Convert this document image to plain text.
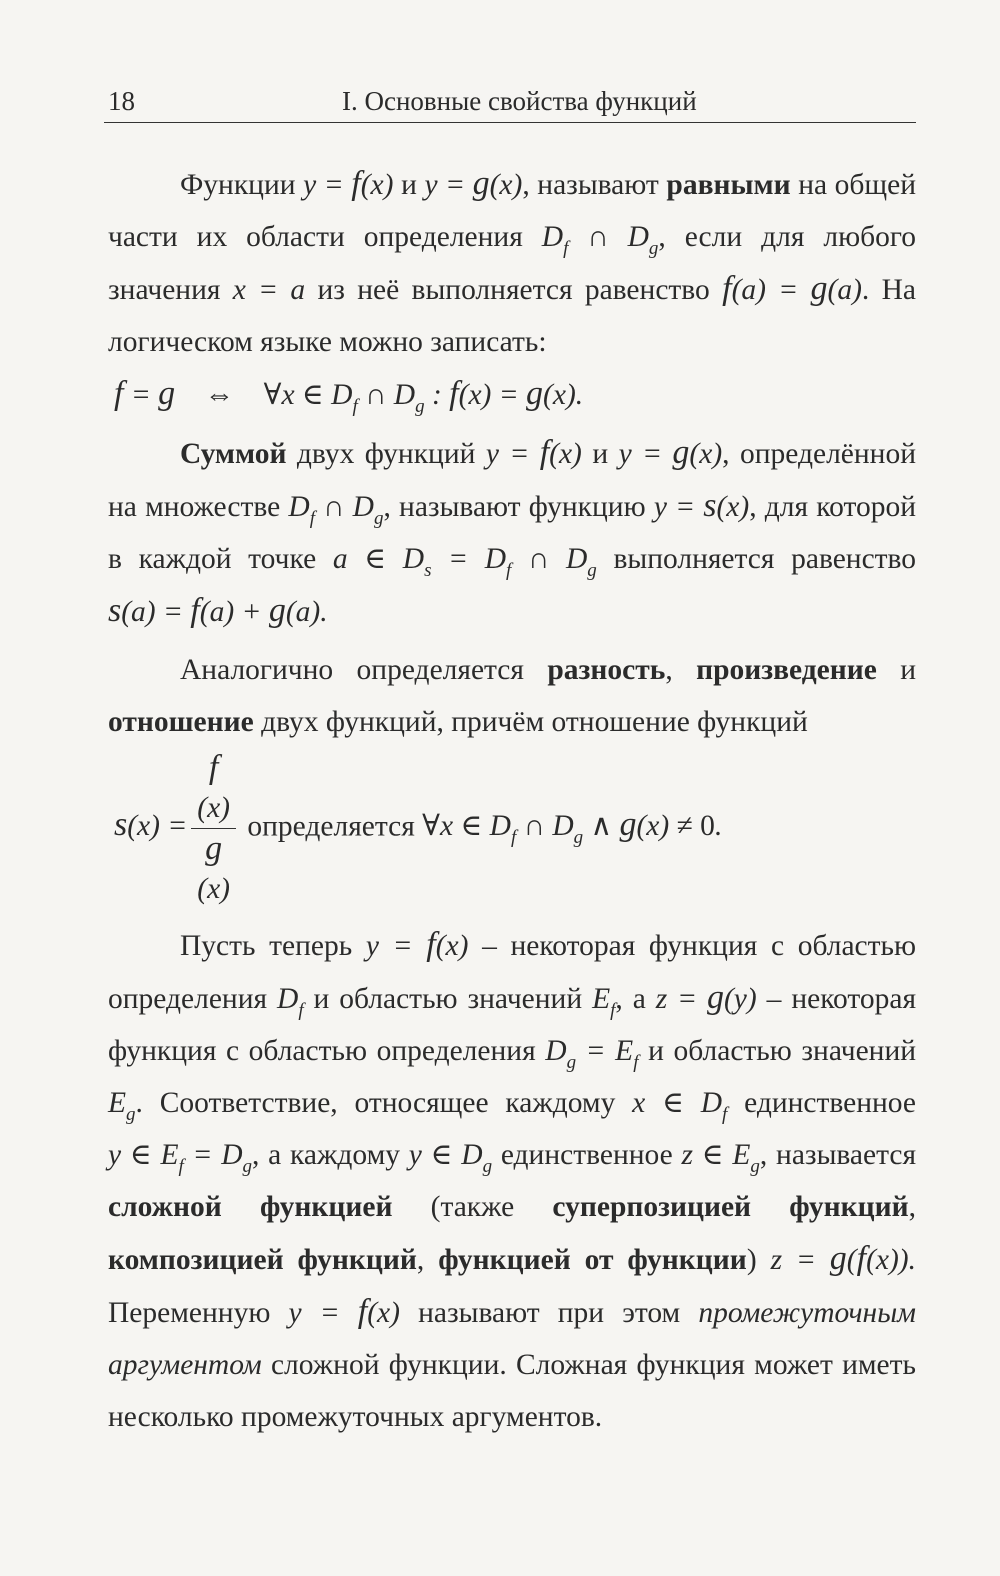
18	I. Основные свойства функций

Функции y = f(x) и y = g(x), называют равными на общей части их области определения $D_f$ ∩ $D_g$, если для любого значения x = a из неё выполняется равенство f(a) = g(a). На логическом языке можно записать:

f = g ⇔ ∀x ∈ $D_f$ ∩ $D_g$ : f(x) = g(x).

Суммой двух функций y = f(x) и y = g(x), определённой на множестве $D_f$ ∩ $D_g$, называют функцию y = s(x), для которой в каждой точке a ∈ $D_s = D_f$ ∩ $D_g$ выполняется равенство s(a) = f(a) + g(a).

Аналогично определяется разность, произведение и отношение двух функций, причём отношение функций

s(x) = f
(x)
g
(x) определяется ∀x ∈ $D_f$ ∩ $D_g$ ∧ g(x) ≠ 0.

Пусть теперь y = f(x) – некоторая функция с областью определения $D_f$ и областью значений $E_f$, а z = g(y) – некоторая функция с областью определения $D_g = E_f$ и областью значений $E_g$. Соответствие, относящее каждому x ∈ $D_f$ единственное y ∈ $E_f = D_g$, а каждому y ∈ $D_g$ единственное z ∈ $E_g$, называется сложной функцией (также суперпозицией функций, композицией функций, функцией от функции) z = g(f(x)). Переменную y = f(x) называют при этом промежуточным аргументом сложной функции. Сложная функция может иметь несколько промежуточных аргументов.
